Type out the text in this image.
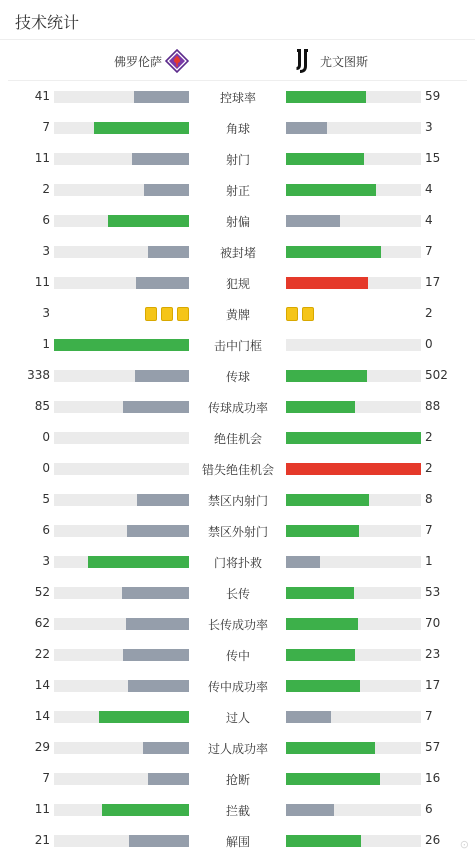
技术统计
佛罗伦萨	尤文图斯
41	控球率	59
7	角球	3
11	射门	15
2	射正	4
6	射偏	4
3	被封堵	7
11	犯规	17
3	黄牌	2
1	击中门框	0
338	传球	502
85	传球成功率	88
0	绝佳机会	2
0	错失绝佳机会	2
5	禁区内射门	8
6	禁区外射门	7
3	门将扑救	1
52	长传	53
62	长传成功率	70
22	传中	23
14	传中成功率	17
14	过人	7
29	过人成功率	57
7	抢断	16
11	拦截	6
21	解围	26 ⊙
